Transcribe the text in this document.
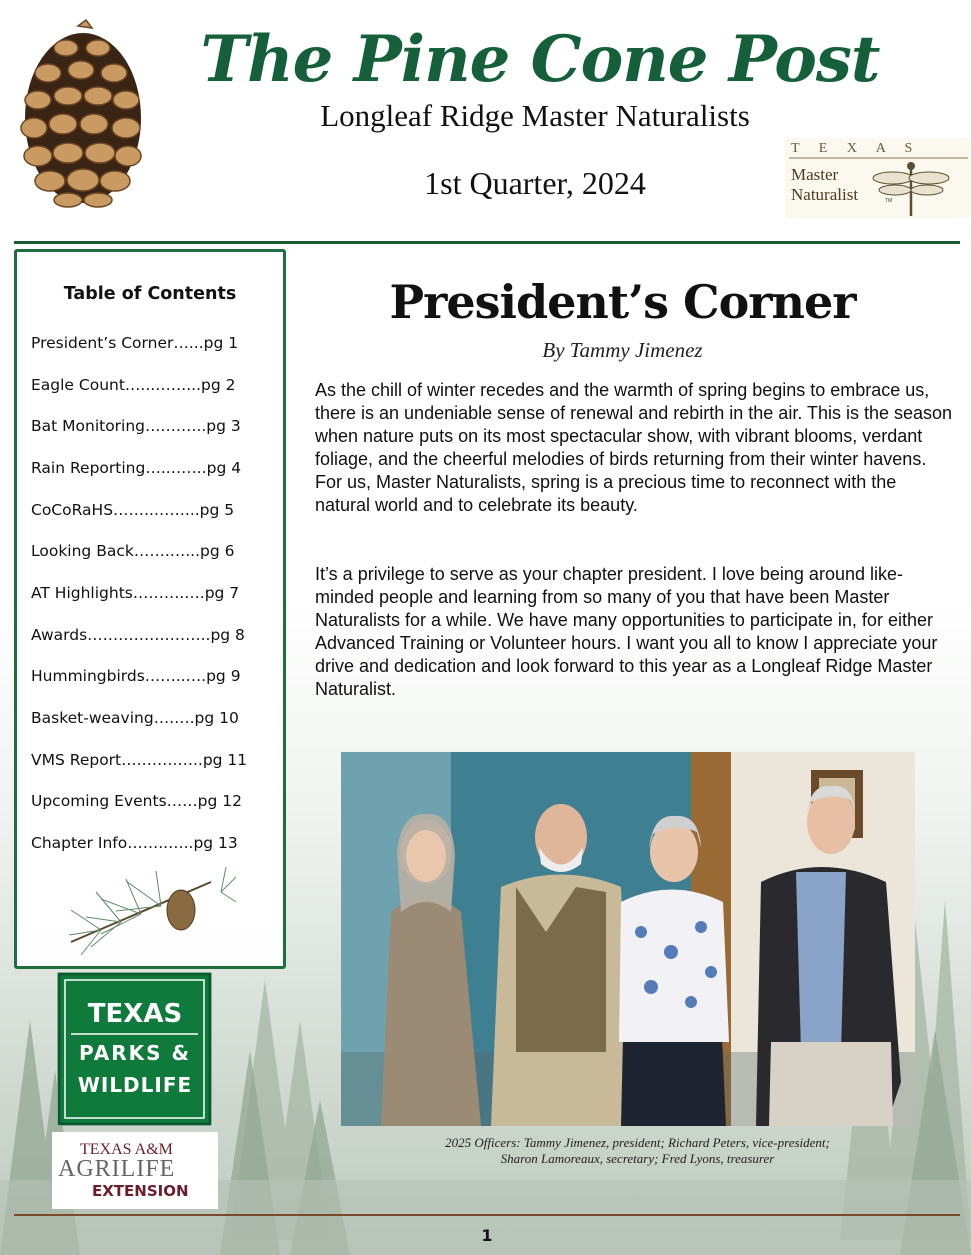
The Pine Cone Post
Longleaf Ridge Master Naturalists
1st Quarter, 2024
T E X A S
Master
Naturalist	TM
Table of Contents
President’s Corner…...pg 1
Eagle Count…...……...pg 2
Bat Monitoring….……..pg 3
Rain Reporting…..…….pg 4
CoCoRaHS……..……...pg 5
Looking Back…….…...pg 6
AT Highlights……….….pg 7
Awards…………….……..pg 8
Hummingbirds……..….pg 9
Basket-weaving….….pg 10
VMS Report….…….…..pg 11
Upcoming Events……pg 12
Chapter Info……..…..pg 13
TEXAS
PARKS &
WILDLIFE
TEXAS A&M
AGRILIFE
EXTENSION
President’s Corner
By Tammy Jimenez
As the chill of winter recedes and the warmth of spring begins to embrace us, there is an undeniable sense of renewal and rebirth in the air. This is the season when nature puts on its most spectacular show, with vibrant blooms, verdant foliage, and the cheerful melodies of birds returning from their winter havens. For us, Master Naturalists, spring is a precious time to reconnect with the natural world and to celebrate its beauty.
It’s a privilege to serve as your chapter president. I love being around like-minded people and learning from so many of you that have been Master Naturalists for a while. We have many opportunities to participate in, for either Advanced Training or Volunteer hours. I want you all to know I appreciate your drive and dedication and look forward to this year as a Longleaf Ridge Master Naturalist.
2025 Officers: Tammy Jimenez, president; Richard Peters, vice-president;
Sharon Lamoreaux, secretary; Fred Lyons, treasurer
1
